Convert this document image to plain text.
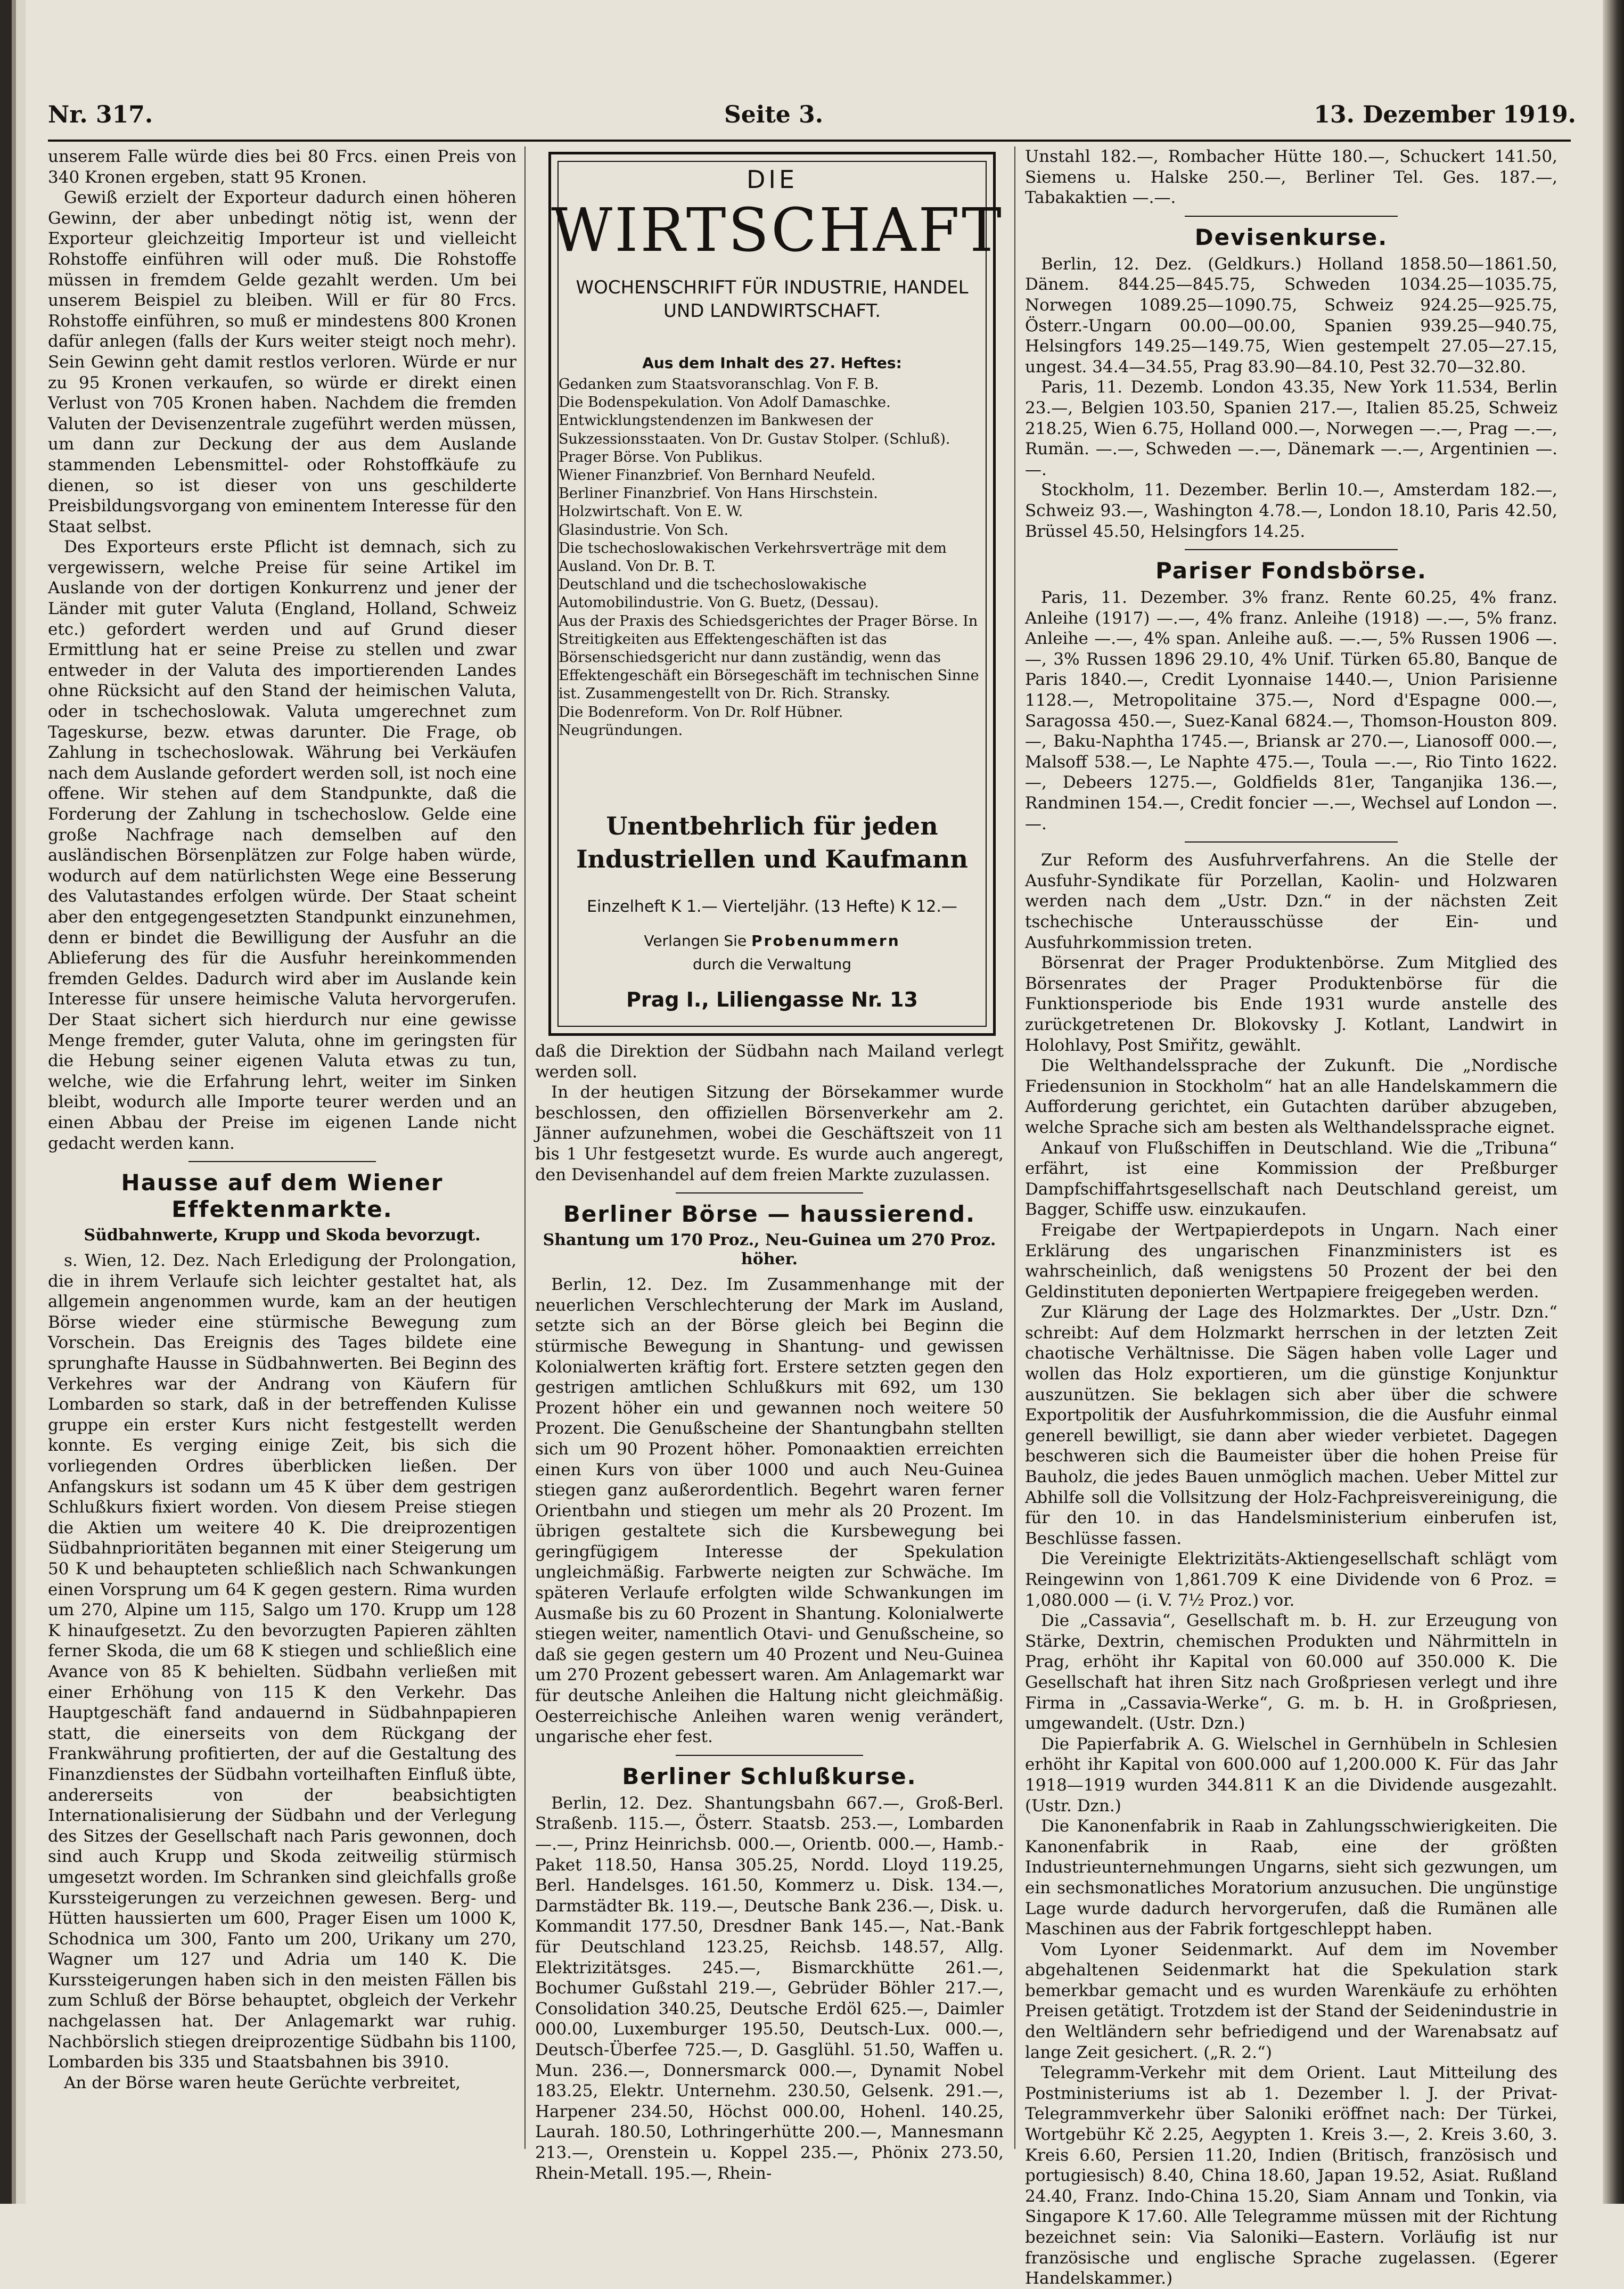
Nr. 317.	Seite 3.	13. Dezember 1919.

unserem Falle würde dies bei 80 Frcs. einen Preis von 340 Kronen ergeben, statt 95 Kronen.

Gewiß erzielt der Exporteur dadurch einen höheren Gewinn, der aber unbedingt nötig ist, wenn der Exporteur gleichzeitig Importeur ist und vielleicht Rohstoffe einführen will oder muß. Die Rohstoffe müssen in fremdem Gelde gezahlt werden. Um bei unserem Beispiel zu bleiben. Will er für 80 Frcs. Rohstoffe einführen, so muß er mindestens 800 Kronen dafür anlegen (falls der Kurs weiter steigt noch mehr). Sein Gewinn geht damit restlos verloren. Würde er nur zu 95 Kronen verkaufen, so würde er direkt einen Verlust von 705 Kronen haben. Nachdem die fremden Valuten der Devisenzentrale zugeführt werden müssen, um dann zur Deckung der aus dem Auslande stammenden Lebensmittel- oder Rohstoffkäufe zu dienen, so ist dieser von uns geschilderte Preisbildungsvorgang von eminentem Interesse für den Staat selbst.

Des Exporteurs erste Pflicht ist demnach, sich zu vergewissern, welche Preise für seine Artikel im Auslande von der dortigen Konkurrenz und jener der Länder mit guter Valuta (England, Holland, Schweiz etc.) gefordert werden und auf Grund dieser Ermittlung hat er seine Preise zu stellen und zwar entweder in der Valuta des importierenden Landes ohne Rücksicht auf den Stand der heimischen Valuta, oder in tschechoslowak. Valuta umgerechnet zum Tageskurse, bezw. etwas darunter. Die Frage, ob Zahlung in tschechoslowak. Währung bei Verkäufen nach dem Auslande gefordert werden soll, ist noch eine offene. Wir stehen auf dem Standpunkte, daß die Forderung der Zahlung in tschechoslow. Gelde eine große Nachfrage nach demselben auf den ausländischen Börsenplätzen zur Folge haben würde, wodurch auf dem natürlichsten Wege eine Besserung des Valutastandes erfolgen würde. Der Staat scheint aber den entgegengesetzten Standpunkt einzunehmen, denn er bindet die Bewilligung der Ausfuhr an die Ablieferung des für die Ausfuhr hereinkommenden fremden Geldes. Dadurch wird aber im Auslande kein Interesse für unsere heimische Valuta hervorgerufen. Der Staat sichert sich hierdurch nur eine gewisse Menge fremder, guter Valuta, ohne im geringsten für die Hebung seiner eigenen Valuta etwas zu tun, welche, wie die Erfahrung lehrt, weiter im Sinken bleibt, wodurch alle Importe teurer werden und an einen Abbau der Preise im eigenen Lande nicht gedacht werden kann.

Hausse auf dem Wiener Effektenmarkte.

Südbahnwerte, Krupp und Skoda bevorzugt.

s. Wien, 12. Dez. Nach Erledigung der Prolongation, die in ihrem Verlaufe sich leichter gestaltet hat, als allgemein angenommen wurde, kam an der heutigen Börse wieder eine stürmische Bewegung zum Vorschein. Das Ereignis des Tages bildete eine sprunghafte Hausse in Südbahnwerten. Bei Beginn des Verkehres war der Andrang von Käufern für Lombarden so stark, daß in der betreffenden Kulisse gruppe ein erster Kurs nicht festgestellt werden konnte. Es verging einige Zeit, bis sich die vorliegenden Ordres überblicken ließen. Der Anfangskurs ist sodann um 45 K über dem gestrigen Schlußkurs fixiert worden. Von diesem Preise stiegen die Aktien um weitere 40 K. Die dreiprozentigen Südbahnprioritäten begannen mit einer Steigerung um 50 K und behaupteten schließlich nach Schwankungen einen Vorsprung um 64 K gegen gestern. Rima wurden um 270, Alpine um 115, Salgo um 170. Krupp um 128 K hinaufgesetzt. Zu den bevorzugten Papieren zählten ferner Skoda, die um 68 K stiegen und schließlich eine Avance von 85 K behielten. Südbahn verließen mit einer Erhöhung von 115 K den Verkehr. Das Hauptgeschäft fand andauernd in Südbahnpapieren statt, die einerseits von dem Rückgang der Frankwährung profitierten, der auf die Gestaltung des Finanzdienstes der Südbahn vorteilhaften Einfluß übte, andererseits von der beabsichtigten Internationalisierung der Südbahn und der Verlegung des Sitzes der Gesellschaft nach Paris gewonnen, doch sind auch Krupp und Skoda zeitweilig stürmisch umgesetzt worden. Im Schranken sind gleichfalls große Kurssteigerungen zu verzeichnen gewesen. Berg- und Hütten haussierten um 600, Prager Eisen um 1000 K, Schodnica um 300, Fanto um 200, Urikany um 270, Wagner um 127 und Adria um 140 K. Die Kurssteigerungen haben sich in den meisten Fällen bis zum Schluß der Börse behauptet, obgleich der Verkehr nachgelassen hat. Der Anlagemarkt war ruhig. Nachbörslich stiegen dreiprozentige Südbahn bis 1100, Lombarden bis 335 und Staatsbahnen bis 3910.

An der Börse waren heute Gerüchte verbreitet,

DIE
WIRTSCHAFT
WOCHENSCHRIFT FÜR INDUSTRIE, HANDEL UND LANDWIRTSCHAFT.
Aus dem Inhalt des 27. Heftes:
Gedanken zum Staatsvoranschlag. Von F. B.
Die Bodenspekulation. Von Adolf Damaschke.
Entwicklungstendenzen im Bankwesen der Sukzessionsstaaten. Von Dr. Gustav Stolper. (Schluß).
Prager Börse. Von Publikus.
Wiener Finanzbrief. Von Bernhard Neufeld.
Berliner Finanzbrief. Von Hans Hirschstein.
Holzwirtschaft. Von E. W.
Glasindustrie. Von Sch.
Die tschechoslowakischen Verkehrsverträge mit dem Ausland. Von Dr. B. T.
Deutschland und die tschechoslowakische Automobilindustrie. Von G. Buetz, (Dessau).
Aus der Praxis des Schiedsgerichtes der Prager Börse. In Streitigkeiten aus Effektengeschäften ist das Börsenschiedsgericht nur dann zuständig, wenn das Effektengeschäft ein Börsegeschäft im technischen Sinne ist. Zusammengestellt von Dr. Rich. Stransky.
Die Bodenreform. Von Dr. Rolf Hübner.
Neugründungen.
Unentbehrlich für jeden Industriellen und Kaufmann
Einzelheft K 1.— Vierteljähr. (13 Hefte) K 12.—
Verlangen Sie Probenummern
durch die Verwaltung
Prag I., Liliengasse Nr. 13

daß die Direktion der Südbahn nach Mailand verlegt werden soll.

In der heutigen Sitzung der Börsekammer wurde beschlossen, den offiziellen Börsenverkehr am 2. Jänner aufzunehmen, wobei die Geschäftszeit von 11 bis 1 Uhr festgesetzt wurde. Es wurde auch angeregt, den Devisenhandel auf dem freien Markte zuzulassen.

Berliner Börse — haussierend.

Shantung um 170 Proz., Neu-Guinea um 270 Proz. höher.

Berlin, 12. Dez. Im Zusammenhange mit der neuerlichen Verschlechterung der Mark im Ausland, setzte sich an der Börse gleich bei Beginn die stürmische Bewegung in Shantung- und gewissen Kolonialwerten kräftig fort. Erstere setzten gegen den gestrigen amtlichen Schlußkurs mit 692, um 130 Prozent höher ein und gewannen noch weitere 50 Prozent. Die Genußscheine der Shantungbahn stellten sich um 90 Prozent höher. Pomonaaktien erreichten einen Kurs von über 1000 und auch Neu-Guinea stiegen ganz außerordentlich. Begehrt waren ferner Orientbahn und stiegen um mehr als 20 Prozent. Im übrigen gestaltete sich die Kursbewegung bei geringfügigem Interesse der Spekulation ungleichmäßig. Farbwerte neigten zur Schwäche. Im späteren Verlaufe erfolgten wilde Schwankungen im Ausmaße bis zu 60 Prozent in Shantung. Kolonialwerte stiegen weiter, namentlich Otavi- und Genußscheine, so daß sie gegen gestern um 40 Prozent und Neu-Guinea um 270 Prozent gebessert waren. Am Anlagemarkt war für deutsche Anleihen die Haltung nicht gleichmäßig. Oesterreichische Anleihen waren wenig verändert, ungarische eher fest.

Berliner Schlußkurse.

Berlin, 12. Dez. Shantungsbahn 667.—, Groß-Berl. Straßenb. 115.—, Österr. Staatsb. 253.—, Lombarden —.—, Prinz Heinrichsb. 000.—, Orientb. 000.—, Hamb.-Paket 118.50, Hansa 305.25, Nordd. Lloyd 119.25, Berl. Handelsges. 161.50, Kommerz u. Disk. 134.—, Darmstädter Bk. 119.—, Deutsche Bank 236.—, Disk. u. Kommandit 177.50, Dresdner Bank 145.—, Nat.-Bank für Deutschland 123.25, Reichsb. 148.57, Allg. Elektrizitätsges. 245.—, Bismarckhütte 261.—, Bochumer Gußstahl 219.—, Gebrüder Böhler 217.—, Consolidation 340.25, Deutsche Erdöl 625.—, Daimler 000.00, Luxemburger 195.50, Deutsch-Lux. 000.—, Deutsch-Überfee 725.—, D. Gasglühl. 51.50, Waffen u. Mun. 236.—, Donnersmarck 000.—, Dynamit Nobel 183.25, Elektr. Unternehm. 230.50, Gelsenk. 291.—, Harpener 234.50, Höchst 000.00, Hohenl. 140.25, Laurah. 180.50, Lothringerhütte 200.—, Mannesmann 213.—, Orenstein u. Koppel 235.—, Phönix 273.50, Rhein-Metall. 195.—, Rhein-

Unstahl 182.—, Rombacher Hütte 180.—, Schuckert 141.50, Siemens u. Halske 250.—, Berliner Tel. Ges. 187.—, Tabakaktien —.—.

Devisenkurse.

Berlin, 12. Dez. (Geldkurs.) Holland 1858.50—1861.50, Dänem. 844.25—845.75, Schweden 1034.25—1035.75, Norwegen 1089.25—1090.75, Schweiz 924.25—925.75, Österr.-Ungarn 00.00—00.00, Spanien 939.25—940.75, Helsingfors 149.25—149.75, Wien gestempelt 27.05—27.15, ungest. 34.4—34.55, Prag 83.90—84.10, Pest 32.70—32.80.

Paris, 11. Dezemb. London 43.35, New York 11.534, Berlin 23.—, Belgien 103.50, Spanien 217.—, Italien 85.25, Schweiz 218.25, Wien 6.75, Holland 000.—, Norwegen —.—, Prag —.—, Rumän. —.—, Schweden —.—, Dänemark —.—, Argentinien —.—.

Stockholm, 11. Dezember. Berlin 10.—, Amsterdam 182.—, Schweiz 93.—, Washington 4.78.—, London 18.10, Paris 42.50, Brüssel 45.50, Helsingfors 14.25.

Pariser Fondsbörse.

Paris, 11. Dezember. 3% franz. Rente 60.25, 4% franz. Anleihe (1917) —.—, 4% franz. Anleihe (1918) —.—, 5% franz. Anleihe —.—, 4% span. Anleihe auß. —.—, 5% Russen 1906 —.—, 3% Russen 1896 29.10, 4% Unif. Türken 65.80, Banque de Paris 1840.—, Credit Lyonnaise 1440.—, Union Parisienne 1128.—, Metropolitaine 375.—, Nord d'Espagne 000.—, Saragossa 450.—, Suez-Kanal 6824.—, Thomson-Houston 809.—, Baku-Naphtha 1745.—, Briansk ar 270.—, Lianosoff 000.—, Malsoff 538.—, Le Naphte 475.—, Toula —.—, Rio Tinto 1622.—, Debeers 1275.—, Goldfields 81er, Tanganjika 136.—, Randminen 154.—, Credit foncier —.—, Wechsel auf London —.—.

Zur Reform des Ausfuhrverfahrens. An die Stelle der Ausfuhr-Syndikate für Porzellan, Kaolin- und Holzwaren werden nach dem „Ustr. Dzn.“ in der nächsten Zeit tschechische Unterausschüsse der Ein- und Ausfuhrkommission treten.

Börsenrat der Prager Produktenbörse. Zum Mitglied des Börsenrates der Prager Produktenbörse für die Funktionsperiode bis Ende 1931 wurde anstelle des zurückgetretenen Dr. Blokovsky J. Kotlant, Landwirt in Holohlavy, Post Smiřitz, gewählt.

Die Welthandelssprache der Zukunft. Die „Nordische Friedensunion in Stockholm“ hat an alle Handelskammern die Aufforderung gerichtet, ein Gutachten darüber abzugeben, welche Sprache sich am besten als Welthandelssprache eignet.

Ankauf von Flußschiffen in Deutschland. Wie die „Tribuna“ erfährt, ist eine Kommission der Preßburger Dampfschiffahrtsgesellschaft nach Deutschland gereist, um Bagger, Schiffe usw. einzukaufen.

Freigabe der Wertpapierdepots in Ungarn. Nach einer Erklärung des ungarischen Finanzministers ist es wahrscheinlich, daß wenigstens 50 Prozent der bei den Geldinstituten deponierten Wertpapiere freigegeben werden.

Zur Klärung der Lage des Holzmarktes. Der „Ustr. Dzn.“ schreibt: Auf dem Holzmarkt herrschen in der letzten Zeit chaotische Verhältnisse. Die Sägen haben volle Lager und wollen das Holz exportieren, um die günstige Konjunktur auszunützen. Sie beklagen sich aber über die schwere Exportpolitik der Ausfuhrkommission, die die Ausfuhr einmal generell bewilligt, sie dann aber wieder verbietet. Dagegen beschweren sich die Baumeister über die hohen Preise für Bauholz, die jedes Bauen unmöglich machen. Ueber Mittel zur Abhilfe soll die Vollsitzung der Holz-Fachpreisvereinigung, die für den 10. in das Handelsministerium einberufen ist, Beschlüsse fassen.

Die Vereinigte Elektrizitäts-Aktiengesellschaft schlägt vom Reingewinn von 1,861.709 K eine Dividende von 6 Proz. = 1,080.000 — (i. V. 7½ Proz.) vor.

Die „Cassavia“, Gesellschaft m. b. H. zur Erzeugung von Stärke, Dextrin, chemischen Produkten und Nährmitteln in Prag, erhöht ihr Kapital von 60.000 auf 350.000 K. Die Gesellschaft hat ihren Sitz nach Großpriesen verlegt und ihre Firma in „Cassavia-Werke“, G. m. b. H. in Großpriesen, umgewandelt. (Ustr. Dzn.)

Die Papierfabrik A. G. Wielschel in Gernhübeln in Schlesien erhöht ihr Kapital von 600.000 auf 1,200.000 K. Für das Jahr 1918—1919 wurden 344.811 K an die Dividende ausgezahlt. (Ustr. Dzn.)

Die Kanonenfabrik in Raab in Zahlungsschwierigkeiten. Die Kanonenfabrik in Raab, eine der größten Industrieunternehmungen Ungarns, sieht sich gezwungen, um ein sechsmonatliches Moratorium anzusuchen. Die ungünstige Lage wurde dadurch hervorgerufen, daß die Rumänen alle Maschinen aus der Fabrik fortgeschleppt haben.

Vom Lyoner Seidenmarkt. Auf dem im November abgehaltenen Seidenmarkt hat die Spekulation stark bemerkbar gemacht und es wurden Warenkäufe zu erhöhten Preisen getätigt. Trotzdem ist der Stand der Seidenindustrie in den Weltländern sehr befriedigend und der Warenabsatz auf lange Zeit gesichert. („R. 2.“)

Telegramm-Verkehr mit dem Orient. Laut Mitteilung des Postministeriums ist ab 1. Dezember l. J. der Privat-Telegrammverkehr über Saloniki eröffnet nach: Der Türkei, Wortgebühr Kč 2.25, Aegypten 1. Kreis 3.—, 2. Kreis 3.60, 3. Kreis 6.60, Persien 11.20, Indien (Britisch, französisch und portugiesisch) 8.40, China 18.60, Japan 19.52, Asiat. Rußland 24.40, Franz. Indo-China 15.20, Siam Annam und Tonkin, via Singapore K 17.60. Alle Telegramme müssen mit der Richtung bezeichnet sein: Via Saloniki—Eastern. Vorläufig ist nur französische und englische Sprache zugelassen. (Egerer Handelskammer.)
